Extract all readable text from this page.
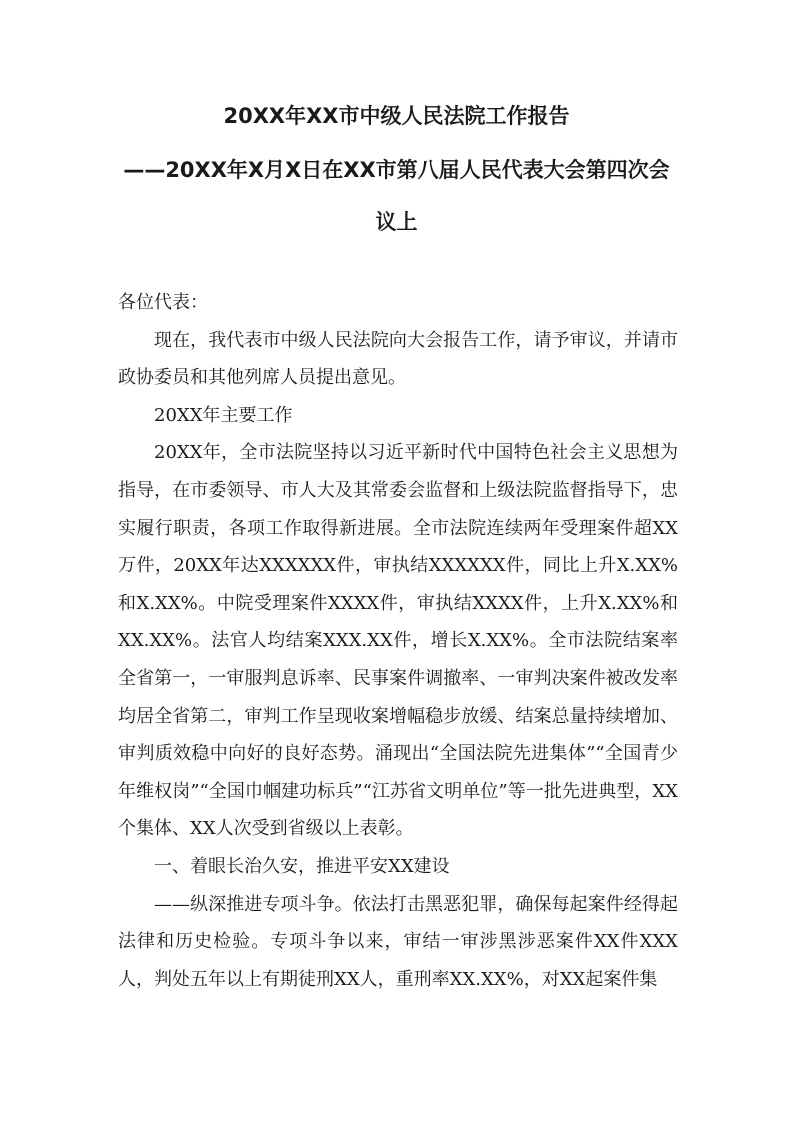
20XX年XX市中级人民法院工作报告
——20XX年X月X日在XX市第八届人民代表大会第四次会
议上

各位代表：

现在，我代表市中级人民法院向大会报告工作，请予审议，并请市政协委员和其他列席人员提出意见。

20XX年主要工作

20XX年，全市法院坚持以习近平新时代中国特色社会主义思想为指导，在市委领导、市人大及其常委会监督和上级法院监督指导下，忠实履行职责，各项工作取得新进展。全市法院连续两年受理案件超XX万件，20XX年达XXXXXX件，审执结XXXXXX件，同比上升X.XX%和X.XX%。中院受理案件XXXX件，审执结XXXX件，上升X.XX%和XX.XX%。法官人均结案XXX.XX件，增长X.XX%。全市法院结案率全省第一，一审服判息诉率、民事案件调撤率、一审判决案件被改发率均居全省第二，审判工作呈现收案增幅稳步放缓、结案总量持续增加、审判质效稳中向好的良好态势。涌现出“全国法院先进集体”“全国青少年维权岗”“全国巾帼建功标兵”“江苏省文明单位”等一批先进典型，XX个集体、XX人次受到省级以上表彰。

一、着眼长治久安，推进平安XX建设

——纵深推进专项斗争。依法打击黑恶犯罪，确保每起案件经得起法律和历史检验。专项斗争以来，审结一审涉黑涉恶案件XX件XXX人，判处五年以上有期徒刑XX人，重刑率XX.XX%，对XX起案件集
